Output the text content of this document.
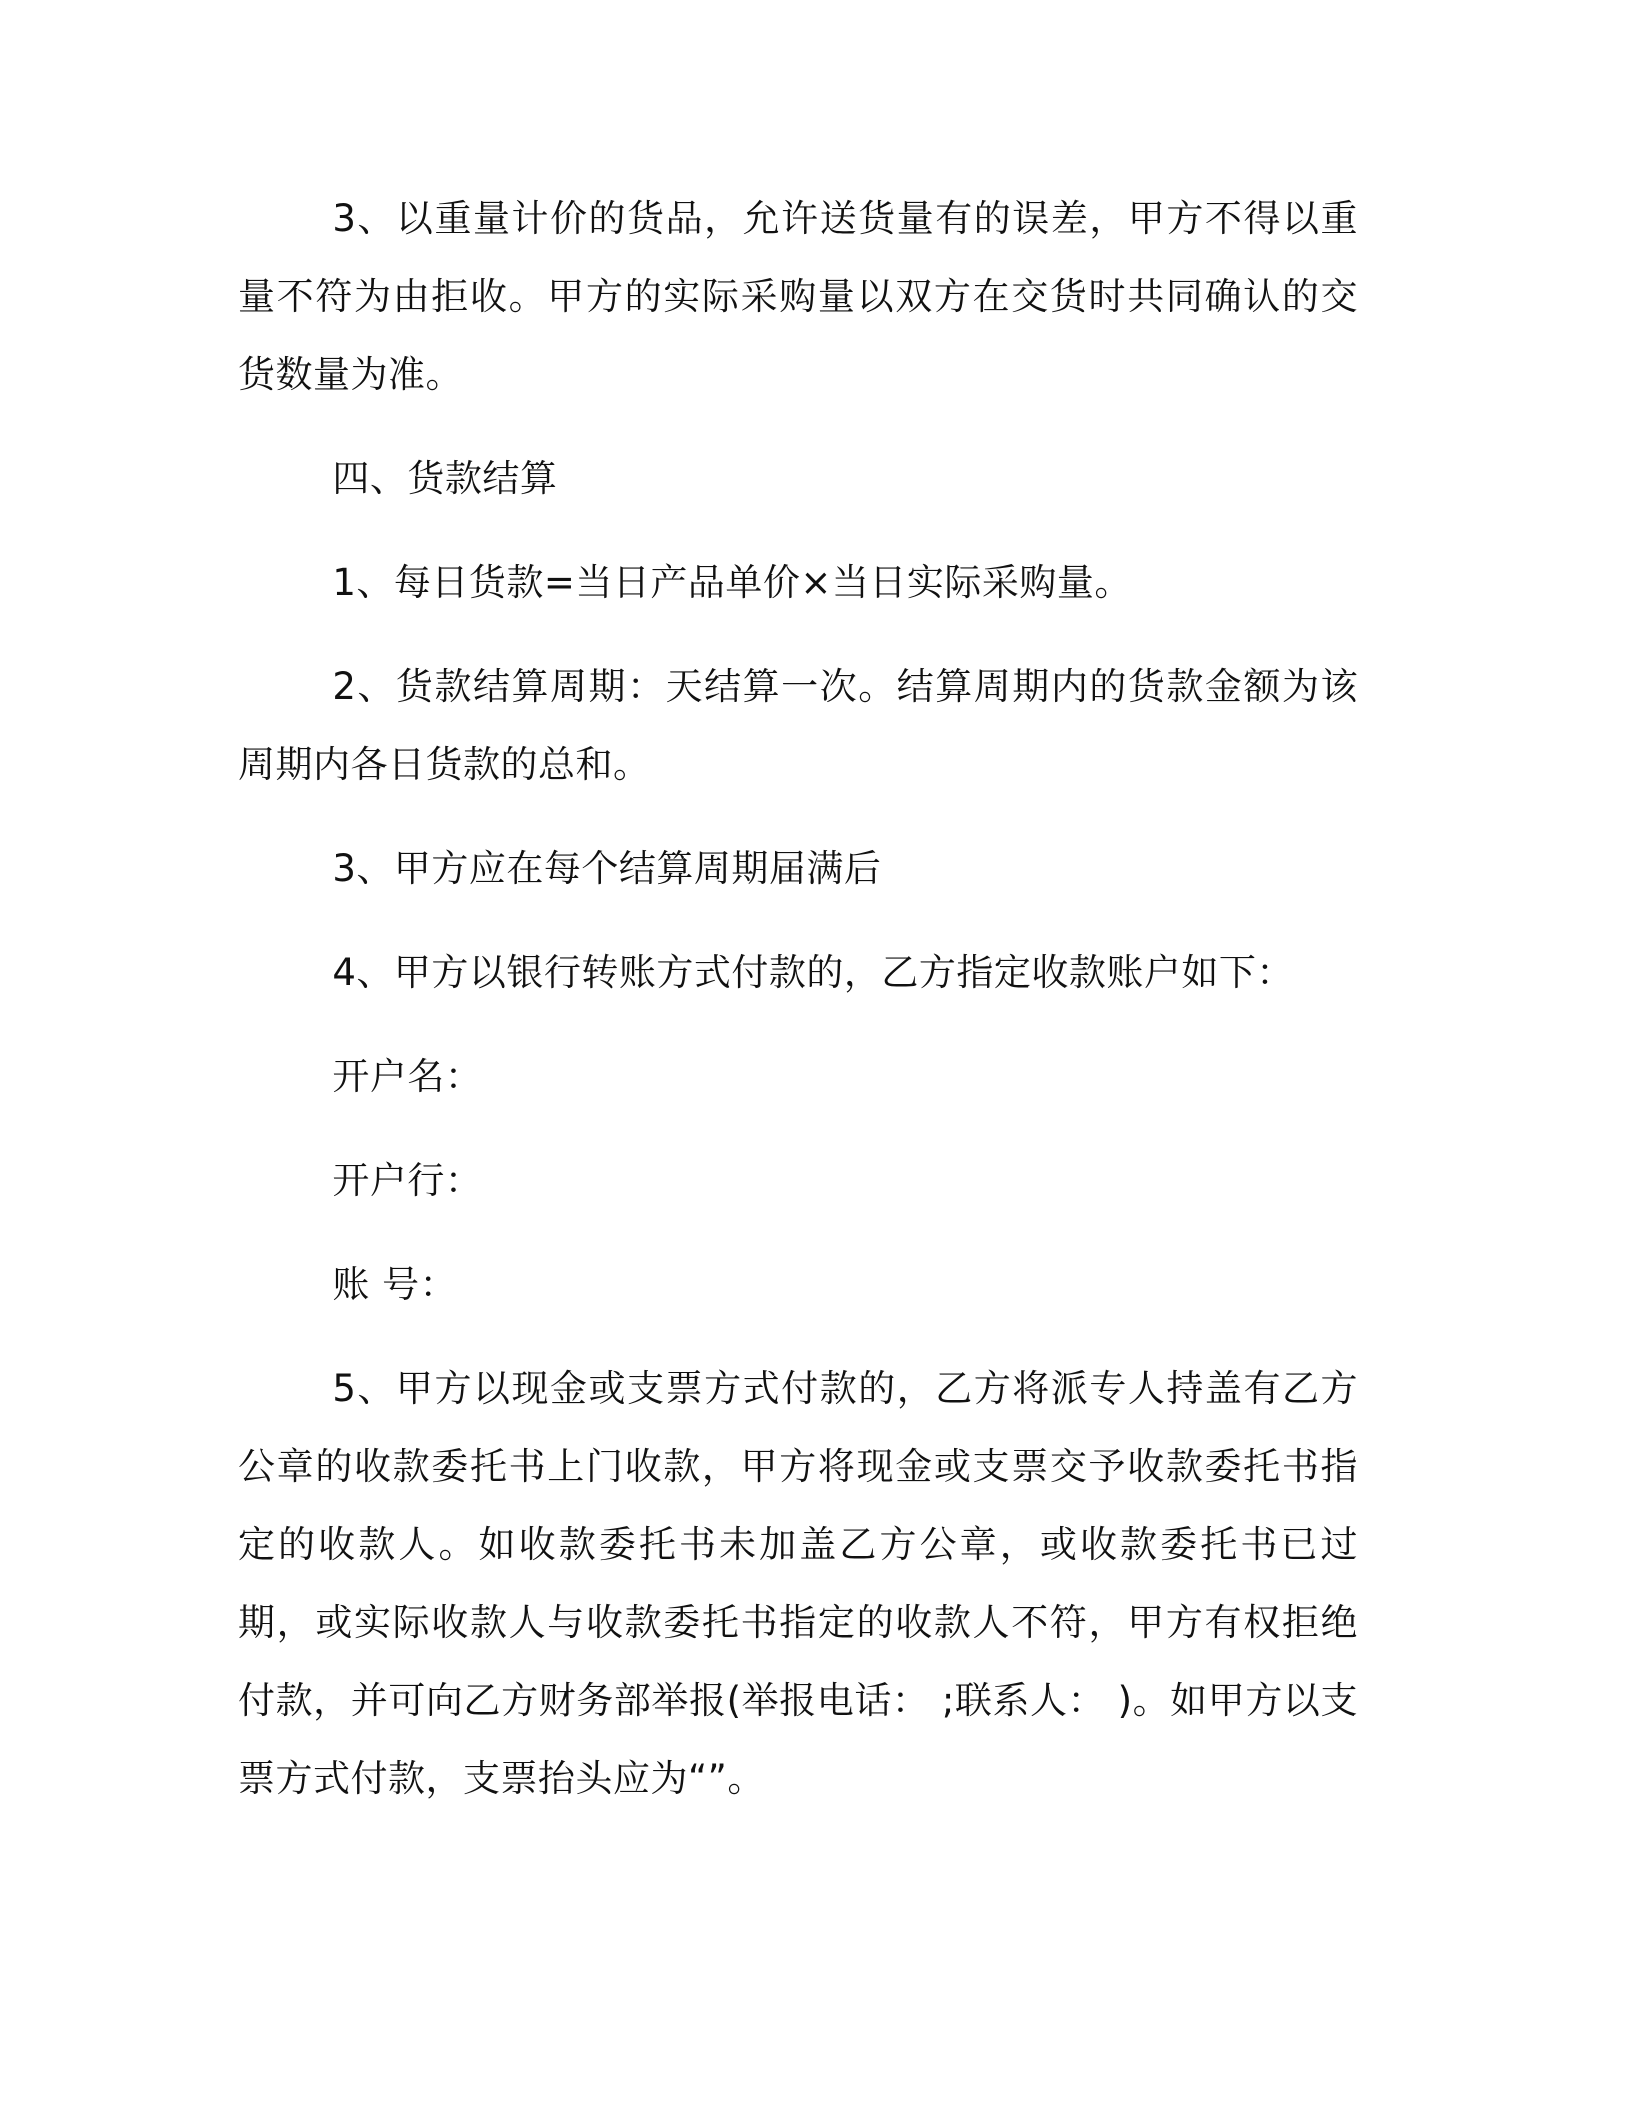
3、以重量计价的货品，允许送货量有的误差，甲方不得以重量不符为由拒收。甲方的实际采购量以双方在交货时共同确认的交货数量为准。

四、货款结算

1、每日货款=当日产品单价×当日实际采购量。

2、货款结算周期：天结算一次。结算周期内的货款金额为该周期内各日货款的总和。

3、甲方应在每个结算周期届满后

4、甲方以银行转账方式付款的，乙方指定收款账户如下：

开户名：

开户行：

账 号：

5、甲方以现金或支票方式付款的，乙方将派专人持盖有乙方公章的收款委托书上门收款，甲方将现金或支票交予收款委托书指定的收款人。如收款委托书未加盖乙方公章，或收款委托书已过期，或实际收款人与收款委托书指定的收款人不符，甲方有权拒绝付款，并可向乙方财务部举报(举报电话： ;联系人： )。如甲方以支票方式付款，支票抬头应为“”。
